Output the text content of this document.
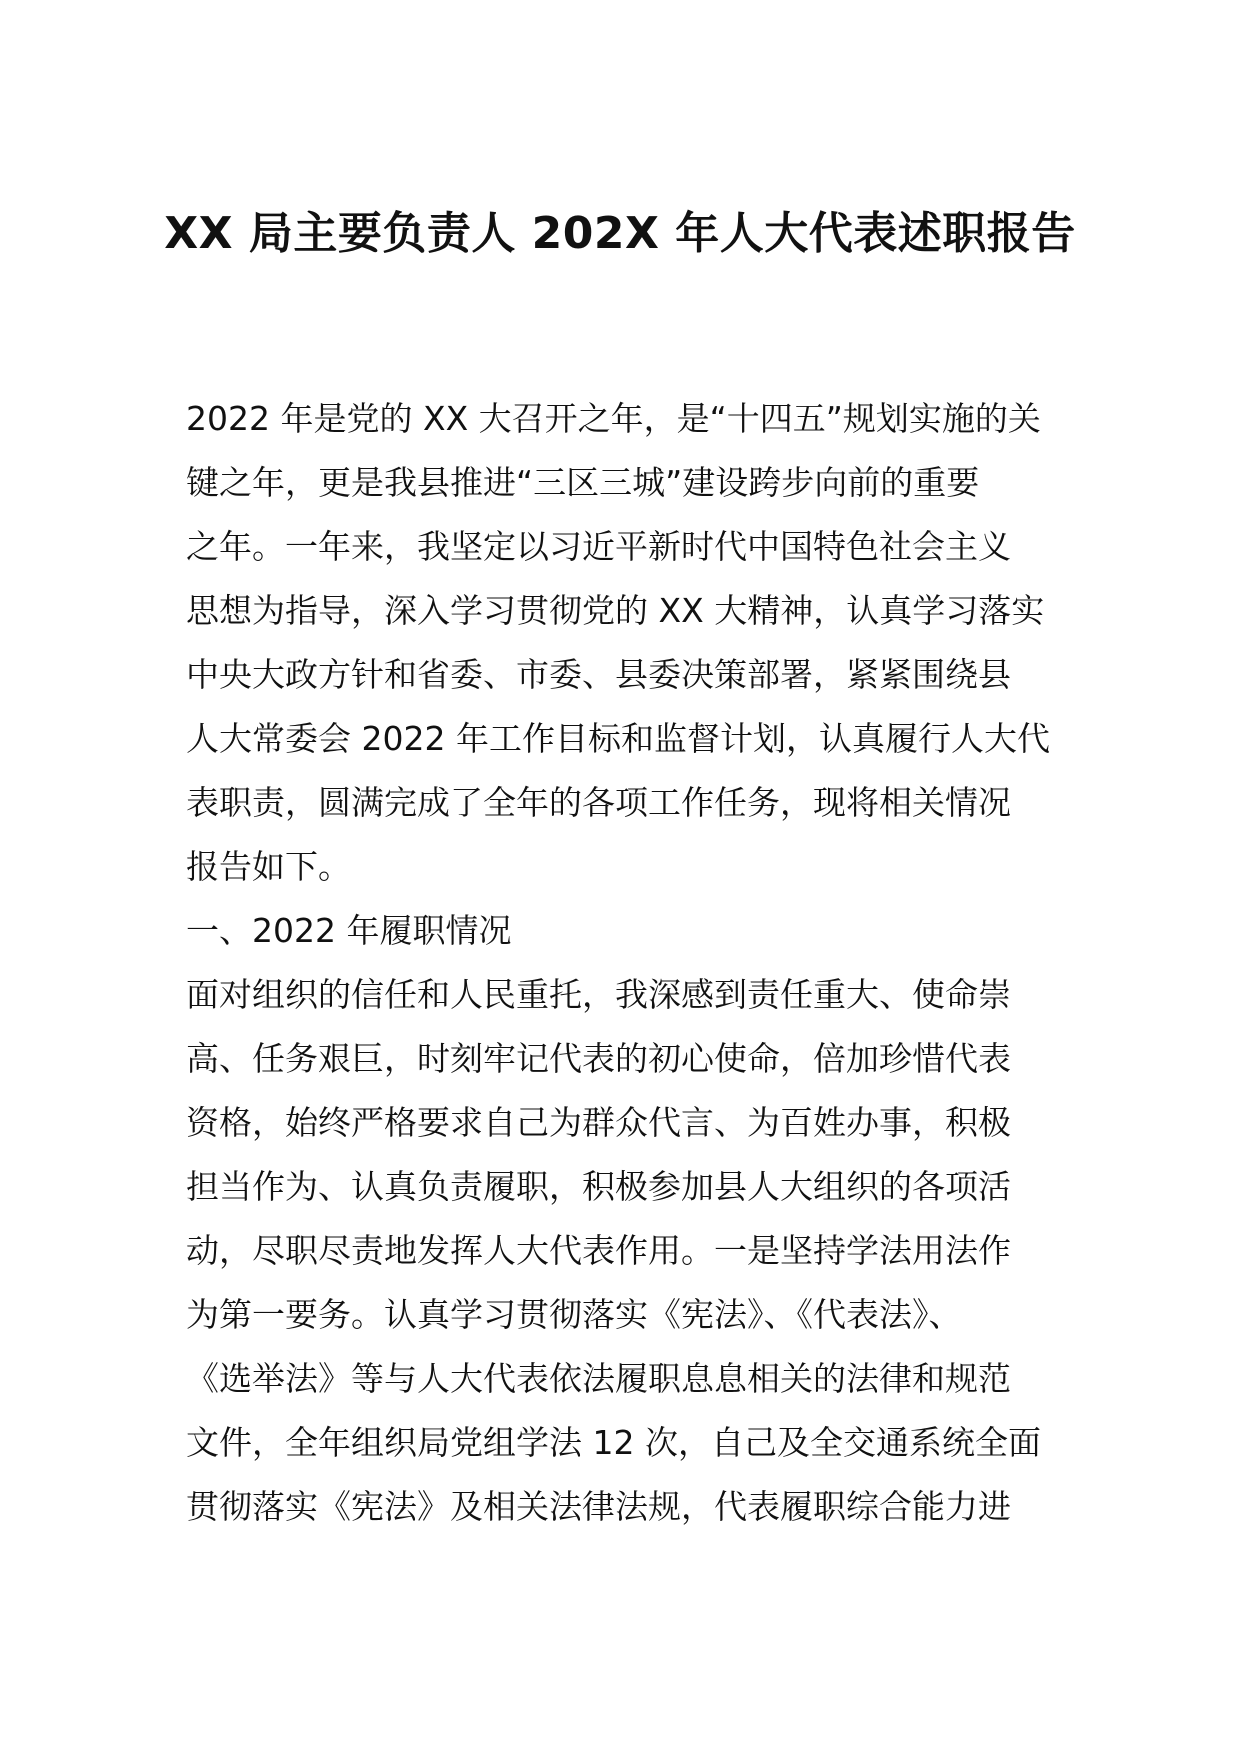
XX 局主要负责人 202X 年人大代表述职报告

2022 年是党的 XX 大召开之年，是“十四五”规划实施的关

键之年，更是我县推进“三区三城”建设跨步向前的重要

之年。一年来，我坚定以习近平新时代中国特色社会主义

思想为指导，深入学习贯彻党的 XX 大精神，认真学习落实

中央大政方针和省委、市委、县委决策部署，紧紧围绕县

人大常委会 2022 年工作目标和监督计划，认真履行人大代

表职责，圆满完成了全年的各项工作任务，现将相关情况

报告如下。

一、2022 年履职情况

面对组织的信任和人民重托，我深感到责任重大、使命崇

高、任务艰巨，时刻牢记代表的初心使命，倍加珍惜代表

资格，始终严格要求自己为群众代言、为百姓办事，积极

担当作为、认真负责履职，积极参加县人大组织的各项活

动，尽职尽责地发挥人大代表作用。一是坚持学法用法作

为第一要务。认真学习贯彻落实《宪法》、《代表法》、

《选举法》等与人大代表依法履职息息相关的法律和规范

文件，全年组织局党组学法 12 次，自己及全交通系统全面

贯彻落实《宪法》及相关法律法规，代表履职综合能力进
